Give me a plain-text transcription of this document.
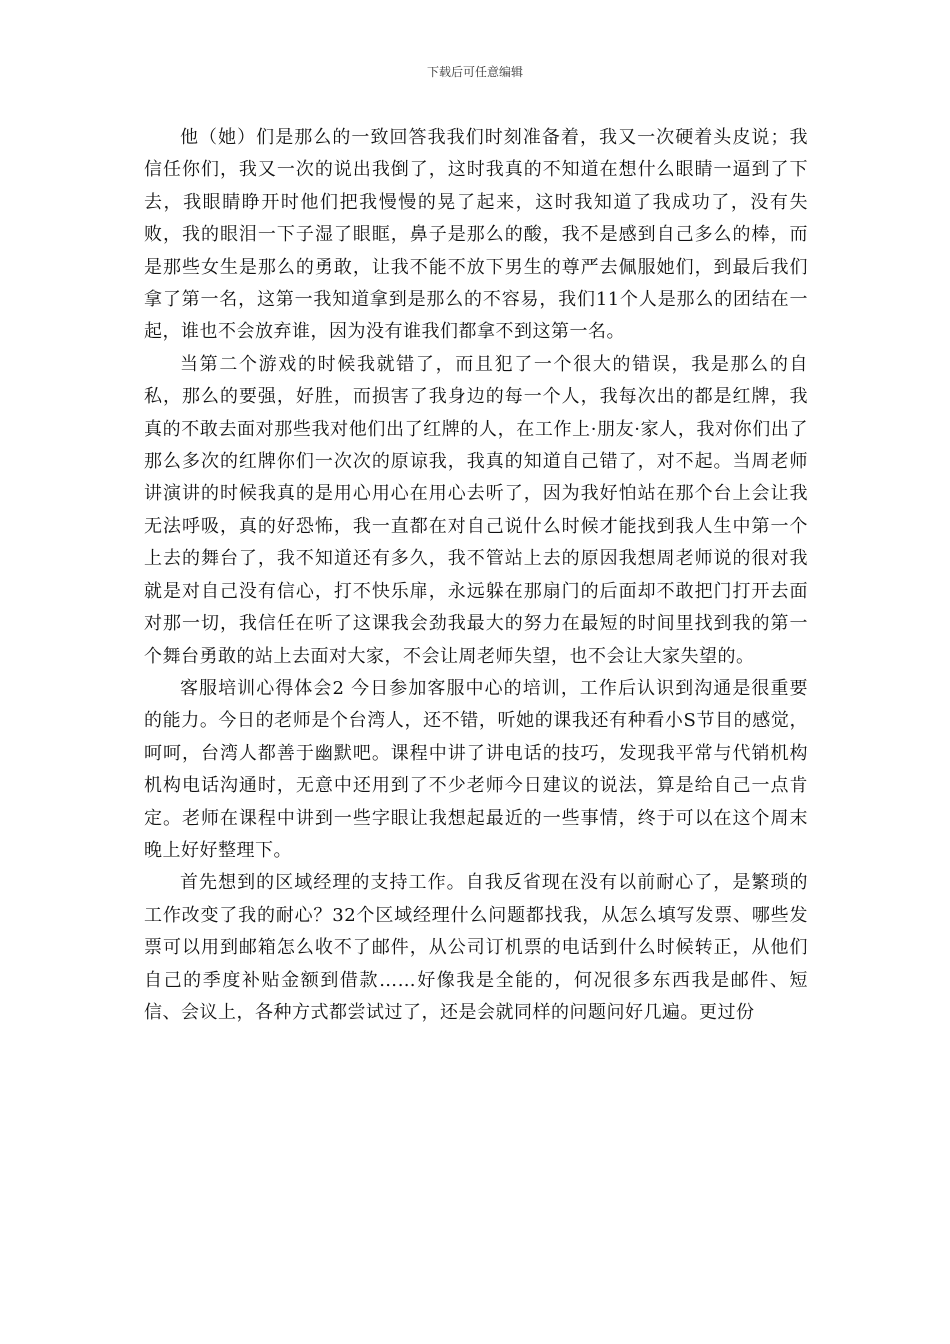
下载后可任意编辑

他（她）们是那么的一致回答我我们时刻准备着，我又一次硬着头皮说；我信任你们，我又一次的说出我倒了，这时我真的不知道在想什么眼睛一逼到了下去，我眼睛睁开时他们把我慢慢的晃了起来，这时我知道了我成功了，没有失败，我的眼泪一下子湿了眼眶，鼻子是那么的酸，我不是感到自己多么的棒，而是那些女生是那么的勇敢，让我不能不放下男生的尊严去佩服她们，到最后我们拿了第一名，这第一我知道拿到是那么的不容易，我们11个人是那么的团结在一起，谁也不会放弃谁，因为没有谁我们都拿不到这第一名。

当第二个游戏的时候我就错了，而且犯了一个很大的错误，我是那么的自私，那么的要强，好胜，而损害了我身边的每一个人，我每次出的都是红牌，我真的不敢去面对那些我对他们出了红牌的人，在工作上·朋友·家人，我对你们出了那么多次的红牌你们一次次的原谅我，我真的知道自己错了，对不起。当周老师讲演讲的时候我真的是用心用心在用心去听了，因为我好怕站在那个台上会让我无法呼吸，真的好恐怖，我一直都在对自己说什么时候才能找到我人生中第一个上去的舞台了，我不知道还有多久，我不管站上去的原因我想周老师说的很对我就是对自己没有信心，打不快乐扉，永远躲在那扇门的后面却不敢把门打开去面对那一切，我信任在听了这课我会劲我最大的努力在最短的时间里找到我的第一个舞台勇敢的站上去面对大家，不会让周老师失望，也不会让大家失望的。

客服培训心得体会2 今日参加客服中心的培训，工作后认识到沟通是很重要的能力。今日的老师是个台湾人，还不错，听她的课我还有种看小S节目的感觉，呵呵，台湾人都善于幽默吧。课程中讲了讲电话的技巧，发现我平常与代销机构机构电话沟通时，无意中还用到了不少老师今日建议的说法，算是给自己一点肯定。老师在课程中讲到一些字眼让我想起最近的一些事情，终于可以在这个周末晚上好好整理下。

首先想到的区域经理的支持工作。自我反省现在没有以前耐心了，是繁琐的工作改变了我的耐心？32个区域经理什么问题都找我，从怎么填写发票、哪些发票可以用到邮箱怎么收不了邮件，从公司订机票的电话到什么时候转正，从他们自己的季度补贴金额到借款……好像我是全能的，何况很多东西我是邮件、短信、会议上，各种方式都尝试过了，还是会就同样的问题问好几遍。更过份
